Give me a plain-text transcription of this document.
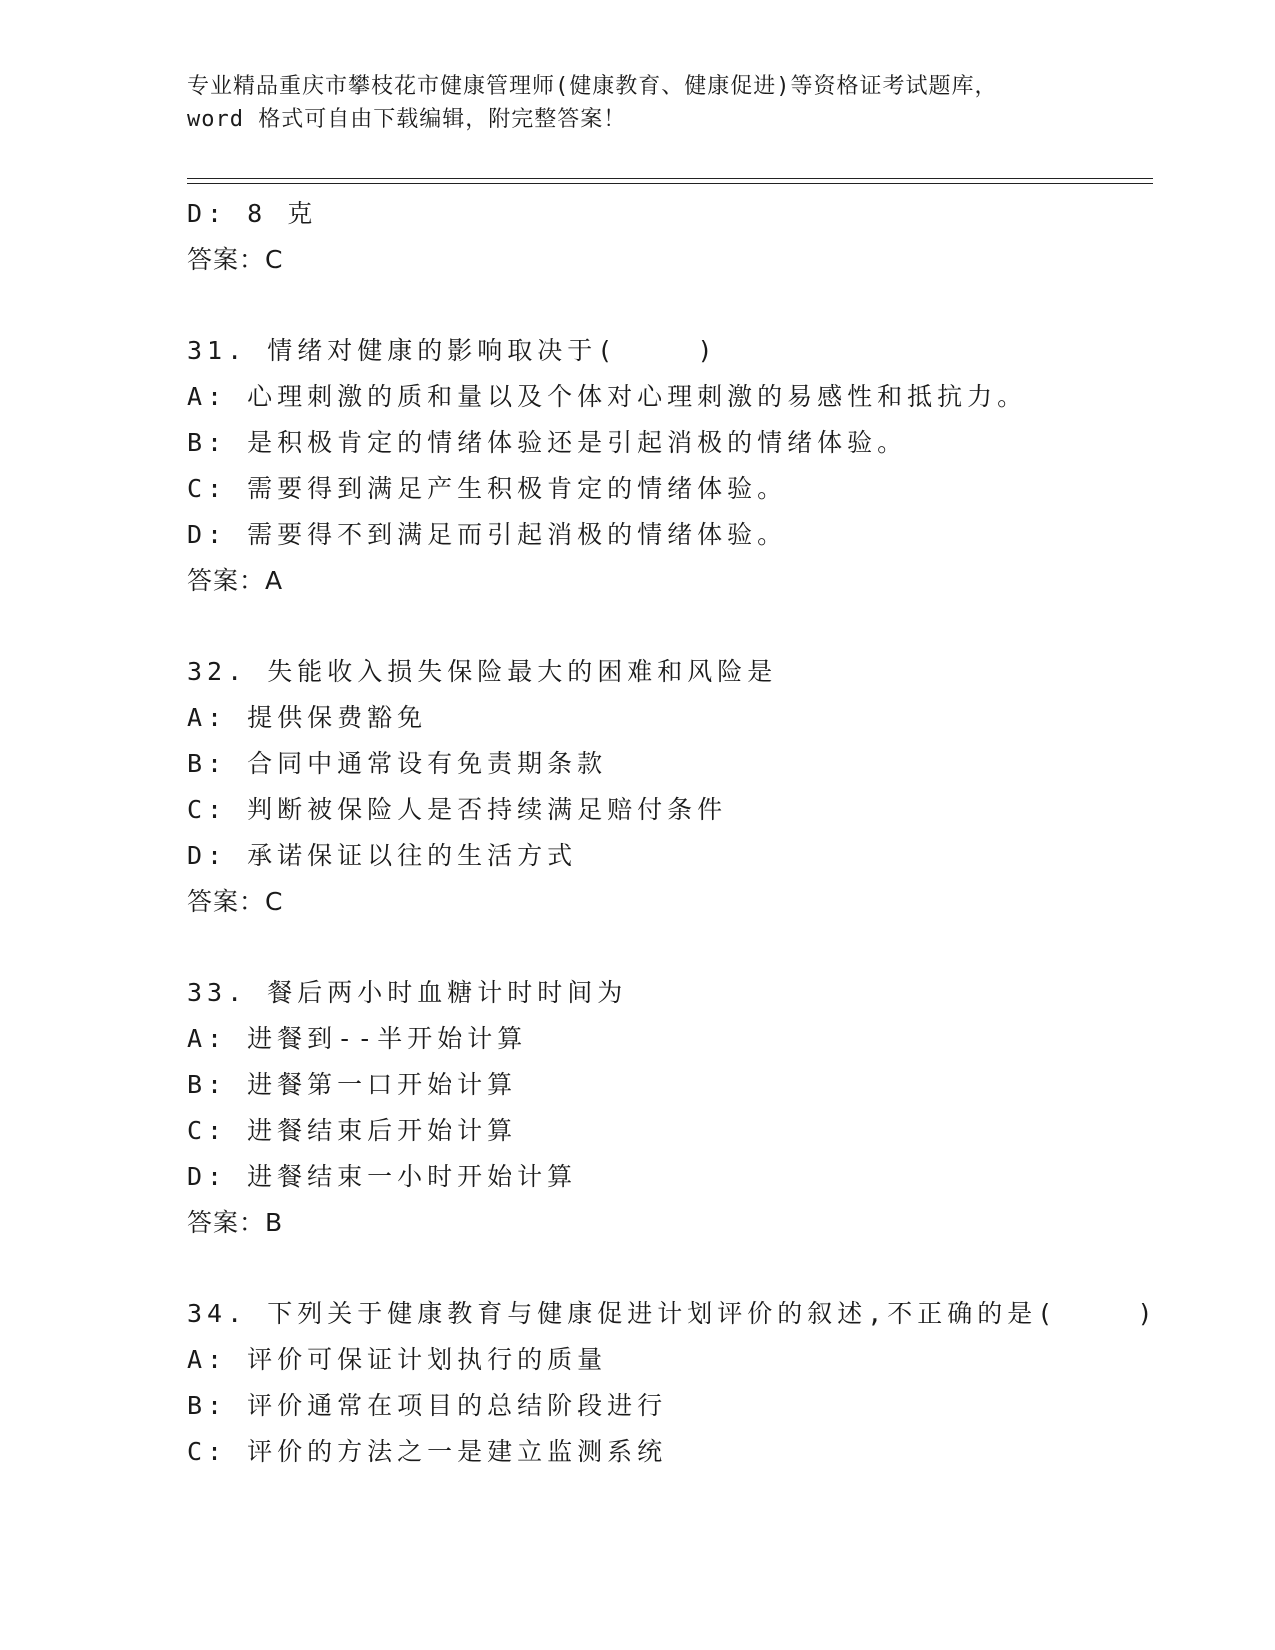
专业精品重庆市攀枝花市健康管理师(健康教育、健康促进)等资格证考试题库，
word 格式可自由下载编辑，附完整答案！
D: 8 克
答案：C
31. 情绪对健康的影响取决于(    )
A: 心理刺激的质和量以及个体对心理刺激的易感性和抵抗力。
B: 是积极肯定的情绪体验还是引起消极的情绪体验。
C: 需要得到满足产生积极肯定的情绪体验。
D: 需要得不到满足而引起消极的情绪体验。
答案：A
32. 失能收入损失保险最大的困难和风险是
A: 提供保费豁免
B: 合同中通常设有免责期条款
C: 判断被保险人是否持续满足赔付条件
D: 承诺保证以往的生活方式
答案：C
33. 餐后两小时血糖计时时间为
A: 进餐到--半开始计算
B: 进餐第一口开始计算
C: 进餐结束后开始计算
D: 进餐结束一小时开始计算
答案：B
34. 下列关于健康教育与健康促进计划评价的叙述,不正确的是(    )
A: 评价可保证计划执行的质量
B: 评价通常在项目的总结阶段进行
C: 评价的方法之一是建立监测系统
